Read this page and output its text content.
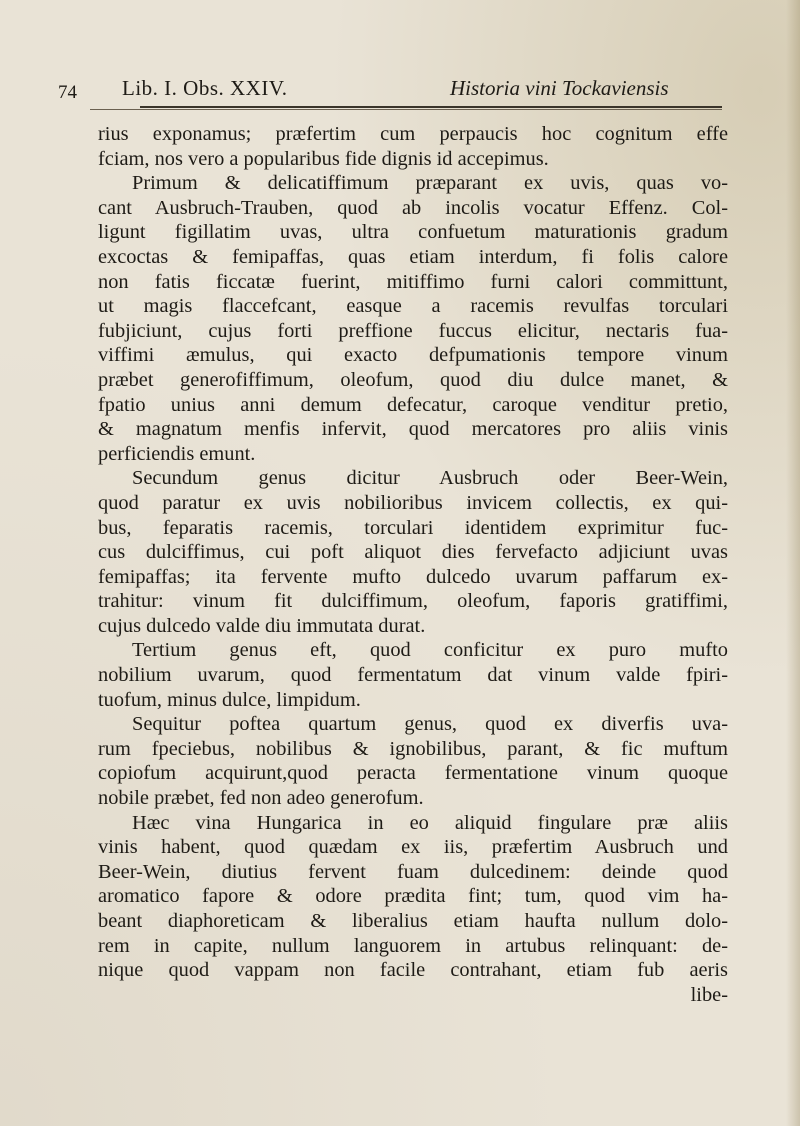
74 Lib. I. Obs. XXIV.	Historia vini Tockaviensis
rius exponamus; præfertim cum perpaucis hoc cognitum effe
fciam, nos vero a popularibus fide dignis id accepimus.
Primum & delicatiffimum præparant ex uvis, quas vo-
cant Ausbruch-Trauben, quod ab incolis vocatur Effenz. Col-
ligunt figillatim uvas, ultra confuetum maturationis gradum
excoctas & femipaffas, quas etiam interdum, fi folis calore
non fatis ficcatæ fuerint, mitiffimo furni calori committunt,
ut magis flaccefcant, easque a racemis revulfas torculari
fubjiciunt, cujus forti preffione fuccus elicitur, nectaris fua-
viffimi æmulus, qui exacto defpumationis tempore vinum
præbet generofiffimum, oleofum, quod diu dulce manet, &
fpatio unius anni demum defecatur, caroque venditur pretio,
& magnatum menfis infervit, quod mercatores pro aliis vinis
perficiendis emunt.
Secundum genus dicitur Ausbruch oder Beer-Wein,
quod paratur ex uvis nobilioribus invicem collectis, ex qui-
bus, feparatis racemis, torculari identidem exprimitur fuc-
cus dulciffimus, cui poft aliquot dies fervefacto adjiciunt uvas
femipaffas; ita fervente mufto dulcedo uvarum paffarum ex-
trahitur: vinum fit dulciffimum, oleofum, faporis gratiffimi,
cujus dulcedo valde diu immutata durat.
Tertium genus eft, quod conficitur ex puro mufto
nobilium uvarum, quod fermentatum dat vinum valde fpiri-
tuofum, minus dulce, limpidum.
Sequitur poftea quartum genus, quod ex diverfis uva-
rum fpeciebus, nobilibus & ignobilibus, parant, & fic muftum
copiofum acquirunt,quod peracta fermentatione vinum quoque
nobile præbet, fed non adeo generofum.
Hæc vina Hungarica in eo aliquid fingulare præ aliis
vinis habent, quod quædam ex iis, præfertim Ausbruch und
Beer-Wein, diutius fervent fuam dulcedinem: deinde quod
aromatico fapore & odore prædita fint; tum, quod vim ha-
beant diaphoreticam & liberalius etiam haufta nullum dolo-
rem in capite, nullum languorem in artubus relinquant: de-
nique quod vappam non facile contrahant, etiam fub aeris
libe-
